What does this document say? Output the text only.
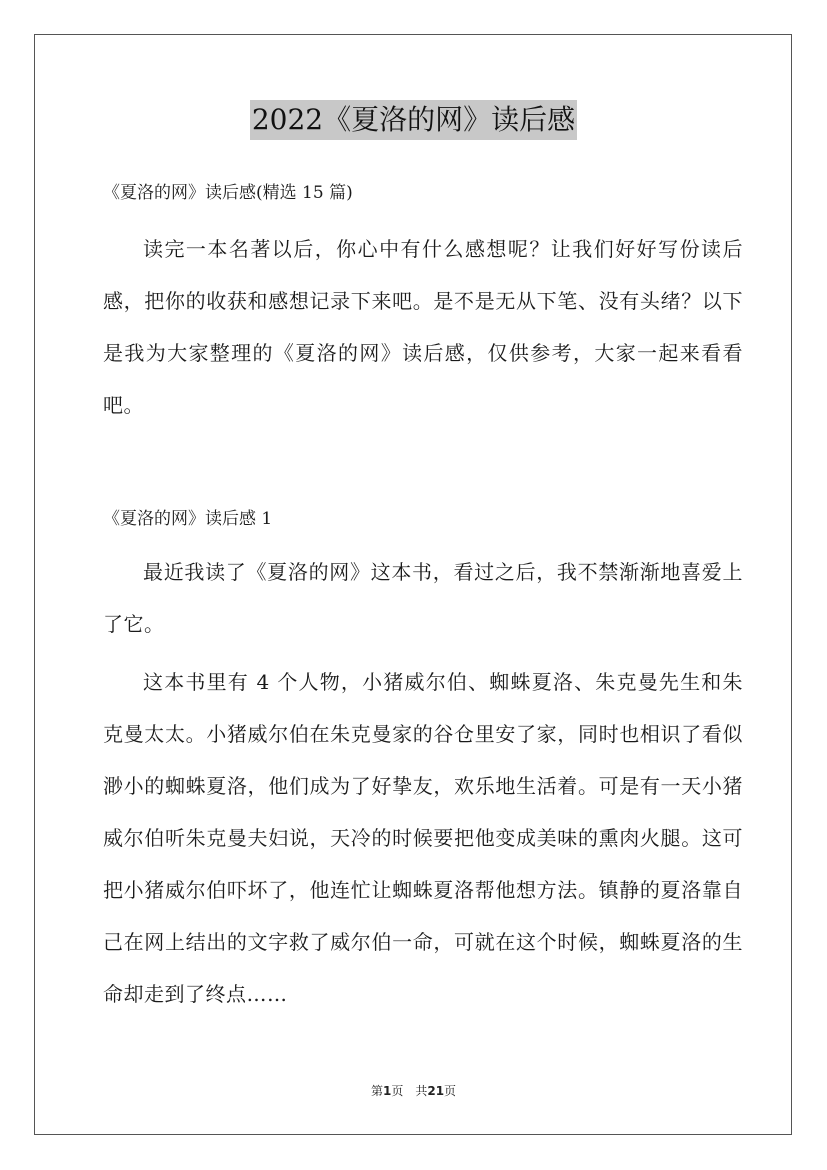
2022《夏洛的网》读后感
《夏洛的网》读后感(精选 15 篇)

读完一本名著以后，你心中有什么感想呢？让我们好好写份读后感，把你的收获和感想记录下来吧。是不是无从下笔、没有头绪？以下是我为大家整理的《夏洛的网》读后感，仅供参考，大家一起来看看吧。

《夏洛的网》读后感 1

最近我读了《夏洛的网》这本书，看过之后，我不禁渐渐地喜爱上了它。

这本书里有 4 个人物，小猪威尔伯、蜘蛛夏洛、朱克曼先生和朱克曼太太。小猪威尔伯在朱克曼家的谷仓里安了家，同时也相识了看似渺小的蜘蛛夏洛，他们成为了好挚友，欢乐地生活着。可是有一天小猪威尔伯听朱克曼夫妇说，天冷的时候要把他变成美味的熏肉火腿。这可把小猪威尔伯吓坏了，他连忙让蜘蛛夏洛帮他想方法。镇静的夏洛靠自己在网上结出的文字救了威尔伯一命，可就在这个时候，蜘蛛夏洛的生命却走到了终点……

第1页 共21页
